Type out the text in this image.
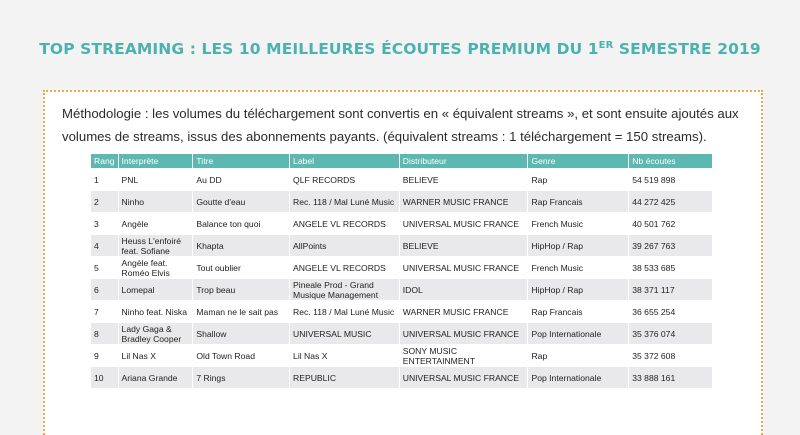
TOP STREAMING : LES 10 MEILLEURES ÉCOUTES PREMIUM DU 1ER SEMESTRE 2019
Méthodologie : les volumes du téléchargement sont convertis en « équivalent streams », et sont ensuite ajoutés aux volumes de streams, issus des abonnements payants. (équivalent streams : 1 téléchargement = 150 streams).
Rang	Interprète	Titre	Label	Distributeur	Genre	Nb écoutes
1	PNL	Au DD	QLF RECORDS	BELIEVE	Rap	54 519 898
2	Ninho	Goutte d'eau	Rec. 118 / Mal Luné Music	WARNER MUSIC FRANCE	Rap Francais	44 272 425
3	Angèle	Balance ton quoi	ANGELE VL RECORDS	UNIVERSAL MUSIC FRANCE	French Music	40 501 762
4	Heuss L'enfoiré feat. Sofiane	Khapta	AllPoints	BELIEVE	HipHop / Rap	39 267 763
5	Angèle feat. Roméo Elvis	Tout oublier	ANGELE VL RECORDS	UNIVERSAL MUSIC FRANCE	French Music	38 533 685
6	Lomepal	Trop beau	Pineale Prod - Grand Musique Management	IDOL	HipHop / Rap	38 371 117
7	Ninho feat. Niska	Maman ne le sait pas	Rec. 118 / Mal Luné Music	WARNER MUSIC FRANCE	Rap Francais	36 655 254
8	Lady Gaga & Bradley Cooper	Shallow	UNIVERSAL MUSIC	UNIVERSAL MUSIC FRANCE	Pop Internationale	35 376 074
9	Lil Nas X	Old Town Road	Lil Nas X	SONY MUSIC ENTERTAINMENT	Rap	35 372 608
10	Ariana Grande	7 Rings	REPUBLIC	UNIVERSAL MUSIC FRANCE	Pop Internationale	33 888 161
